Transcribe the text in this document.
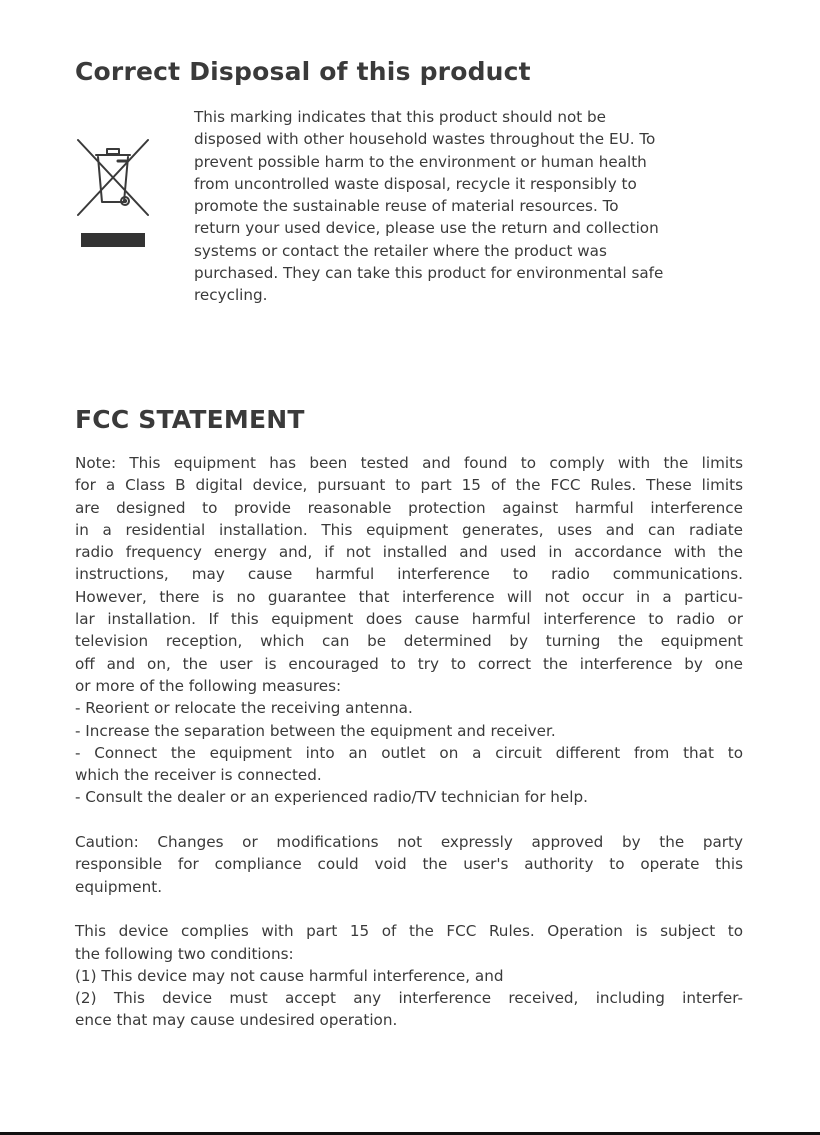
Correct Disposal of this product
This marking indicates that this product should not be
disposed with other household wastes throughout the EU. To
prevent possible harm to the environment or human health
from uncontrolled waste disposal, recycle it responsibly to
promote the sustainable reuse of material resources. To
return your used device, please use the return and collection
systems or contact the retailer where the product was
purchased. They can take this product for environmental safe
recycling.
FCC STATEMENT
Note: This equipment has been tested and found to comply with the limits
for a Class B digital device, pursuant to part 15 of the FCC Rules. These limits
are designed to provide reasonable protection against harmful interference
in a residential installation. This equipment generates, uses and can radiate
radio frequency energy and, if not installed and used in accordance with the
instructions, may cause harmful interference to radio communications.
However, there is no guarantee that interference will not occur in a particu-
lar installation. If this equipment does cause harmful interference to radio or
television reception, which can be determined by turning the equipment
off and on, the user is encouraged to try to correct the interference by one
or more of the following measures:
- Reorient or relocate the receiving antenna.
- Increase the separation between the equipment and receiver.
- Connect the equipment into an outlet on a circuit different from that to
which the receiver is connected.
- Consult the dealer or an experienced radio/TV technician for help.
Caution: Changes or modifications not expressly approved by the party
responsible for compliance could void the user's authority to operate this
equipment.
This device complies with part 15 of the FCC Rules. Operation is subject to
the following two conditions:
(1) This device may not cause harmful interference, and
(2) This device must accept any interference received, including interfer-
ence that may cause undesired operation.
